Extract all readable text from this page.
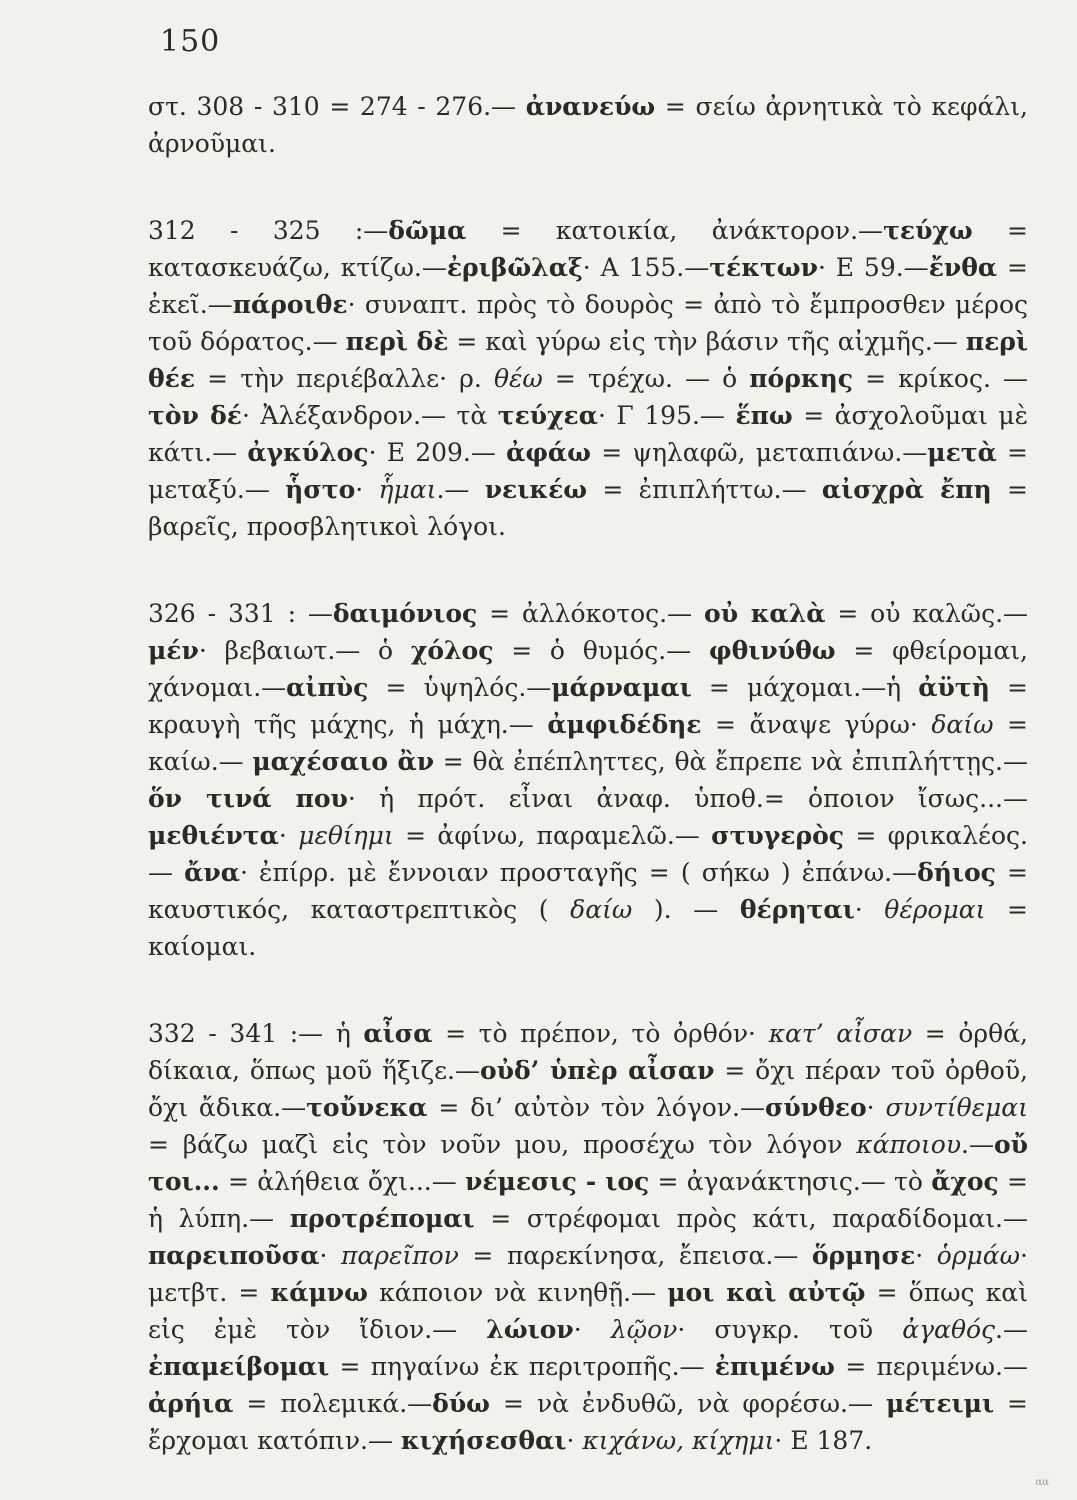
150

στ. 308 - 310 = 274 - 276.— ἀνανεύω = σείω ἀρνητικὰ τὸ κεφάλι, ἀρνοῦμαι.

312 - 325 :—δῶμα = κατοικία, ἀνάκτορον.—τεύχω = κατασκευάζω, κτίζω.—ἐριβῶλαξ· Α 155.—τέκτων· Ε 59.—ἔνθα = ἐκεῖ.—πάροιθε· συναπτ. πρὸς τὸ δουρὸς = ἀπὸ τὸ ἔμπροσθεν μέρος τοῦ δόρατος.— περὶ δὲ = καὶ γύρω εἰς τὴν βάσιν τῆς αἰχμῆς.— περὶ θέε = τὴν περιέβαλλε· ρ. θέω = τρέχω. — ὁ πόρκης = κρίκος. — τὸν δέ· Ἀλέξανδρον.— τὰ τεύχεα· Γ 195.— ἕπω = ἀσχολοῦμαι μὲ κάτι.— ἀγκύλος· Ε 209.— ἀφάω = ψηλαφῶ, μεταπιάνω.—μετὰ = μεταξύ.— ἧστο· ἧμαι.— νεικέω = ἐπιπλήττω.— αἰσχρὰ ἔπη = βαρεῖς, προσβλητικοὶ λόγοι.

326 - 331 : —δαιμόνιος = ἀλλόκοτος.— οὐ καλὰ = οὐ καλῶς.— μέν· βεβαιωτ.— ὁ χόλος = ὁ θυμός.— φθινύθω = φθείρομαι, χάνομαι.—αἰπὺς = ὑψηλός.—μάρναμαι = μάχομαι.—ἡ ἀϋτὴ = κραυγὴ τῆς μάχης, ἡ μάχη.— ἀμφιδέδηε = ἄναψε γύρω· δαίω = καίω.— μαχέσαιο ἂν = θὰ ἐπέπληττες, θὰ ἔπρεπε νὰ ἐπιπλήττῃς.—ὅν τινά που· ἡ πρότ. εἶναι ἀναφ. ὑποθ.= ὁποιον ἴσως...—μεθιέντα· μεθίημι = ἀφίνω, παραμελῶ.— στυγερὸς = φρικαλέος.— ἄνα· ἐπίρρ. μὲ ἔννοιαν προσταγῆς = ( σήκω ) ἐπάνω.—δήιος = καυστικός, καταστρεπτικὸς ( δαίω ). — θέρηται· θέρομαι = καίομαι.

332 - 341 :— ἡ αἶσα = τὸ πρέπον, τὸ ὀρθόν· κατ’ αἶσαν = ὀρθά, δίκαια, ὅπως μοῦ ἥξιζε.—οὐδ’ ὑπὲρ αἶσαν = ὄχι πέραν τοῦ ὀρθοῦ, ὄχι ἄδικα.—τοὔνεκα = δι’ αὐτὸν τὸν λόγον.—σύνθεο· συντίθεμαι = βάζω μαζὶ εἰς τὸν νοῦν μου, προσέχω τὸν λόγον κάποιου.—οὔ τοι... = ἀλήθεια ὄχι...— νέμεσις - ιος = ἀγανάκτησις.— τὸ ἄχος = ἡ λύπη.— προτρέπομαι = στρέφομαι πρὸς κάτι, παραδίδομαι.—παρειποῦσα· παρεῖπον = παρεκίνησα, ἔπεισα.— ὅρμησε· ὁρμάω· μετβτ. = κάμνω κάποιον νὰ κινηθῇ.— μοι καὶ αὐτῷ = ὅπως καὶ εἰς ἐμὲ τὸν ἴδιον.— λώιον· λῷον· συγκρ. τοῦ ἀγαθός.— ἐπαμείβομαι = πηγαίνω ἐκ περιτροπῆς.— ἐπιμένω = περιμένω.—ἀρήια = πολεμικά.—δύω = νὰ ἐνδυθῶ, νὰ φορέσω.— μέτειμι = ἔρχομαι κατόπιν.— κιχήσεσθαι· κιχάνω, κίχημι· Ε 187.

αα
